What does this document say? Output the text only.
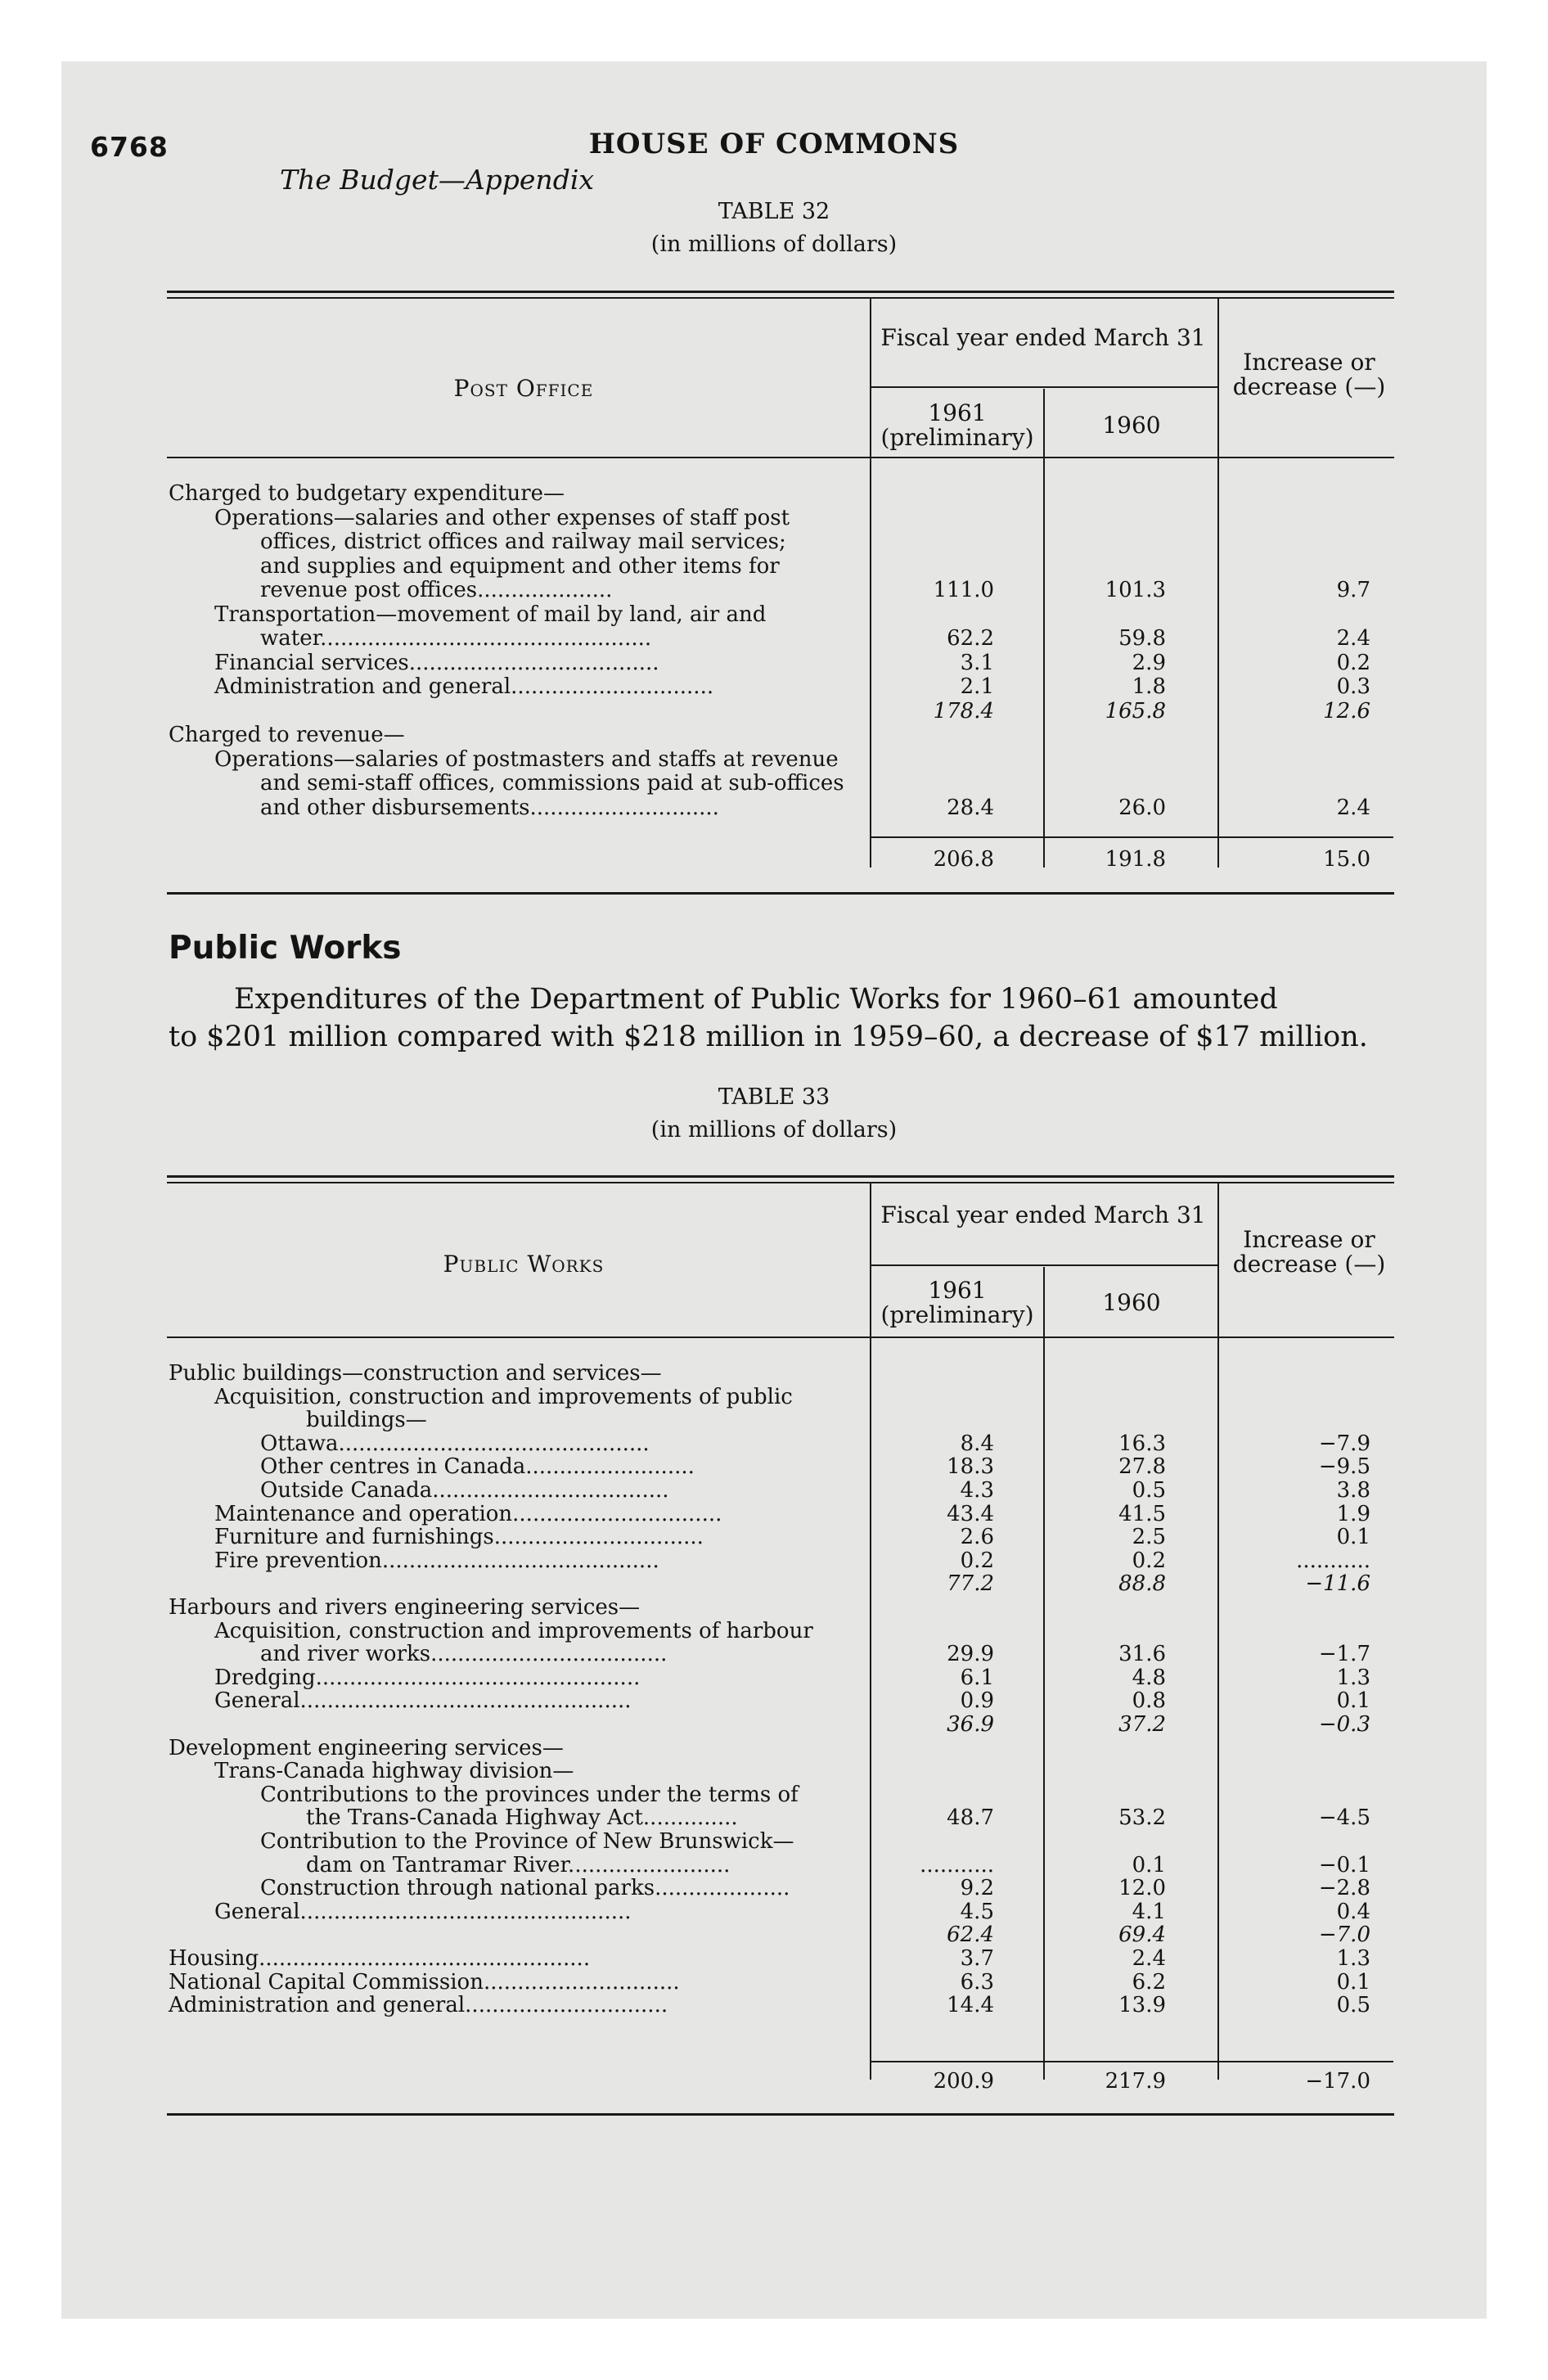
6768	HOUSE OF COMMONS
The Budget—Appendix
TABLE 32
(in millions of dollars)
Post Office
Fiscal year ended March 31
1961 (preliminary)	1960
Increase or decrease (—)
Charged to budgetary expenditure—
Operations—salaries and other expenses of staff post
offices, district offices and railway mail services;
and supplies and equipment and other items for
revenue post offices....................	111.0	101.3	9.7
Transportation—movement of mail by land, air and
water.................................................	62.2	59.8	2.4
Financial services.....................................	3.1	2.9	0.2
Administration and general..............................	2.1	1.8	0.3
178.4	165.8	12.6
Charged to revenue—
Operations—salaries of postmasters and staffs at revenue
and semi-staff offices, commissions paid at sub-offices
and other disbursements............................	28.4	26.0	2.4
206.8	191.8	15.0
Public Works
Expenditures of the Department of Public Works for 1960–61 amounted
to $201 million compared with $218 million in 1959–60, a decrease of $17 million.
TABLE 33
(in millions of dollars)
Public Works
Fiscal year ended March 31
1961 (preliminary)	1960
Increase or decrease (—)
Public buildings—construction and services—
Acquisition, construction and improvements of public
buildings—
Ottawa..............................................	8.4	16.3	−7.9
Other centres in Canada.........................	18.3	27.8	−9.5
Outside Canada...................................	4.3	0.5	3.8
Maintenance and operation...............................	43.4	41.5	1.9
Furniture and furnishings...............................	2.6	2.5	0.1
Fire prevention.........................................	0.2	0.2	...........
77.2	88.8	−11.6
Harbours and rivers engineering services—
Acquisition, construction and improvements of harbour
and river works...................................	29.9	31.6	−1.7
Dredging................................................	6.1	4.8	1.3
General.................................................	0.9	0.8	0.1
36.9	37.2	−0.3
Development engineering services—
Trans-Canada highway division—
Contributions to the provinces under the terms of
the Trans-Canada Highway Act..............	48.7	53.2	−4.5
Contribution to the Province of New Brunswick—
dam on Tantramar River........................	...........	0.1	−0.1
Construction through national parks....................	9.2	12.0	−2.8
General.................................................	4.5	4.1	0.4
62.4	69.4	−7.0
Housing.................................................	3.7	2.4	1.3
National Capital Commission.............................	6.3	6.2	0.1
Administration and general..............................	14.4	13.9	0.5
200.9	217.9	−17.0
